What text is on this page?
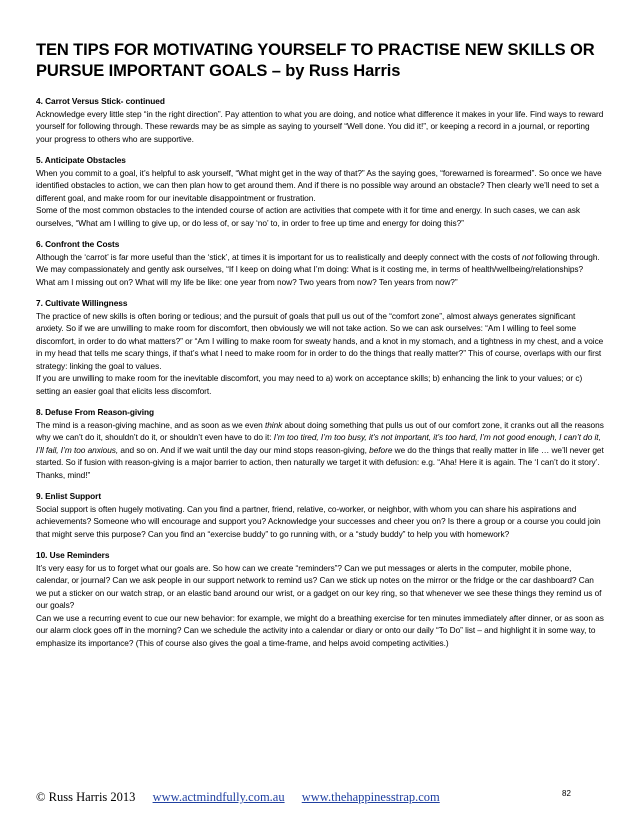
TEN TIPS FOR MOTIVATING YOURSELF TO PRACTISE NEW SKILLS OR PURSUE IMPORTANT GOALS – by Russ Harris
4. Carrot Versus Stick- continued

Acknowledge every little step “in the right direction”. Pay attention to what you are doing, and notice what difference it makes in your life. Find ways to reward yourself for following through. These rewards may be as simple as saying to yourself “Well done. You did it!”, or keeping a record in a journal, or reporting your progress to others who are supportive.

5. Anticipate Obstacles

When you commit to a goal, it’s helpful to ask yourself, “What might get in the way of that?” As the saying goes, “forewarned is forearmed”. So once we have identified obstacles to action, we can then plan how to get around them. And if there is no possible way around an obstacle? Then clearly we’ll need to set a different goal, and make room for our inevitable disappointment or frustration.

Some of the most common obstacles to the intended course of action are activities that compete with it for time and energy. In such cases, we can ask ourselves, “What am I willing to give up, or do less of, or say ‘no’ to, in order to free up time and energy for doing this?”

6. Confront the Costs

Although the ‘carrot’ is far more useful than the ‘stick’, at times it is important for us to realistically and deeply connect with the costs of not following through. We may compassionately and gently ask ourselves, “If I keep on doing what I’m doing: What is it costing me, in terms of health/wellbeing/relationships? What am I missing out on? What will my life be like: one year from now? Two years from now? Ten years from now?”

7. Cultivate Willingness

The practice of new skills is often boring or tedious; and the pursuit of goals that pull us out of the “comfort zone”, almost always generates significant anxiety. So if we are unwilling to make room for discomfort, then obviously we will not take action. So we can ask ourselves: “Am I willing to feel some discomfort, in order to do what matters?” or “Am I willing to make room for sweaty hands, and a knot in my stomach, and a tightness in my chest, and a voice in my head that tells me scary things, if that’s what I need to make room for in order to do the things that really matter?” This of course, overlaps with our first strategy: linking the goal to values.

If you are unwilling to make room for the inevitable discomfort, you may need to a) work on acceptance skills; b) enhancing the link to your values; or c) setting an easier goal that elicits less discomfort.

8. Defuse From Reason-giving

The mind is a reason-giving machine, and as soon as we even think about doing something that pulls us out of our comfort zone, it cranks out all the reasons why we can’t do it, shouldn’t do it, or shouldn’t even have to do it: I’m too tired, I’m too busy, it’s not important, it’s too hard, I’m not good enough, I can’t do it, I’ll fail, I’m too anxious, and so on. And if we wait until the day our mind stops reason-giving, before we do the things that really matter in life … we’ll never get started. So if fusion with reason-giving is a major barrier to action, then naturally we target it with defusion: e.g. “Aha! Here it is again. The ‘I can’t do it story’. Thanks, mind!”

9. Enlist Support

Social support is often hugely motivating. Can you find a partner, friend, relative, co-worker, or neighbor, with whom you can share his aspirations and achievements? Someone who will encourage and support you? Acknowledge your successes and cheer you on? Is there a group or a course you could join that might serve this purpose? Can you find an “exercise buddy” to go running with, or a “study buddy” to help you with homework?

10. Use Reminders

It’s very easy for us to forget what our goals are. So how can we create “reminders”? Can we put messages or alerts in the computer, mobile phone, calendar, or journal? Can we ask people in our support network to remind us? Can we stick up notes on the mirror or the fridge or the car dashboard? Can we put a sticker on our watch strap, or an elastic band around our wrist, or a gadget on our key ring, so that whenever we see these things they remind us of our goals?

Can we use a recurring event to cue our new behavior: for example, we might do a breathing exercise for ten minutes immediately after dinner, or as soon as our alarm clock goes off in the morning? Can we schedule the activity into a calendar or diary or onto our daily “To Do” list – and highlight it in some way, to emphasize its importance? (This of course also gives the goal a time-frame, and helps avoid competing activities.)

© Russ Harris 2013 www.actmindfully.com.au www.thehappinesstrap.com	82
